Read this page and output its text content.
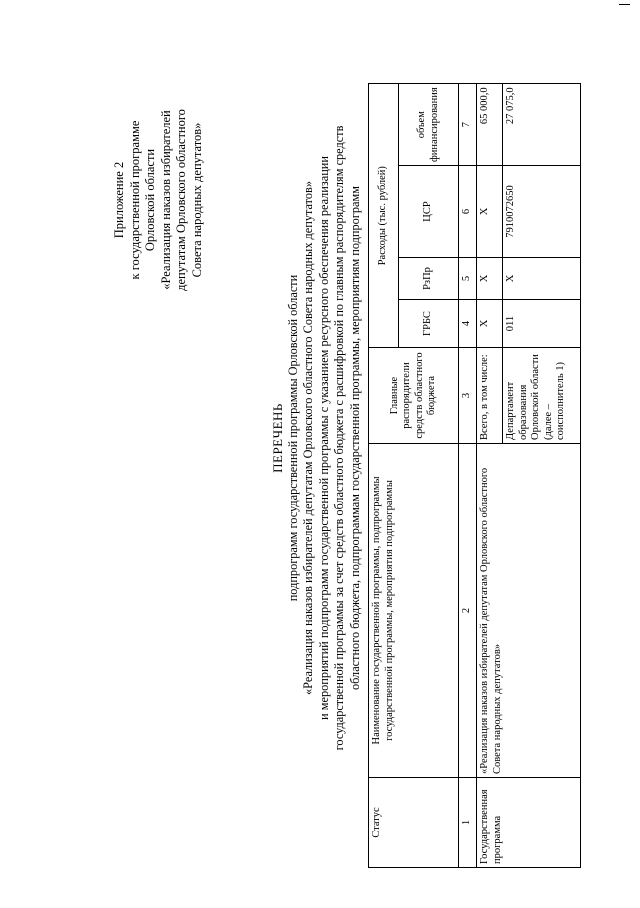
Приложение 2 к государственной программе Орловской области «Реализация наказов избирателей депутатам Орловского областного Совета народных депутатов»
ПЕРЕЧЕНЬ подпрограмм государственной программы Орловской области «Реализация наказов избирателей депутатам Орловского областного Совета народных депутатов» и мероприятий подпрограмм государственной программы с указанием ресурсного обеспечения реализации государственной программы за счет средств областного бюджета с расшифровкой по главным распорядителям средств областного бюджета, подпрограммам государственной программы, мероприятиям подпрограмм
Статус	Наименование государственной программы, подпрограммы государственной программы, мероприятия подпрограммы	Главные распорядители средств областного бюджета	Расходы (тыс. рублей)			
			ГРБС	РзПр	ЦСР	объем финансирования
1	2	3	4	5	6	7
Государственная программа	«Реализация наказов избирателей депутатам Орловского областного Совета народных депутатов»	Всего, в том числе:	Х	Х	Х	65 000,0
		Департамент образования Орловской области (далее – соисполнитель 1)	011	Х	7910072650	27 075,0
